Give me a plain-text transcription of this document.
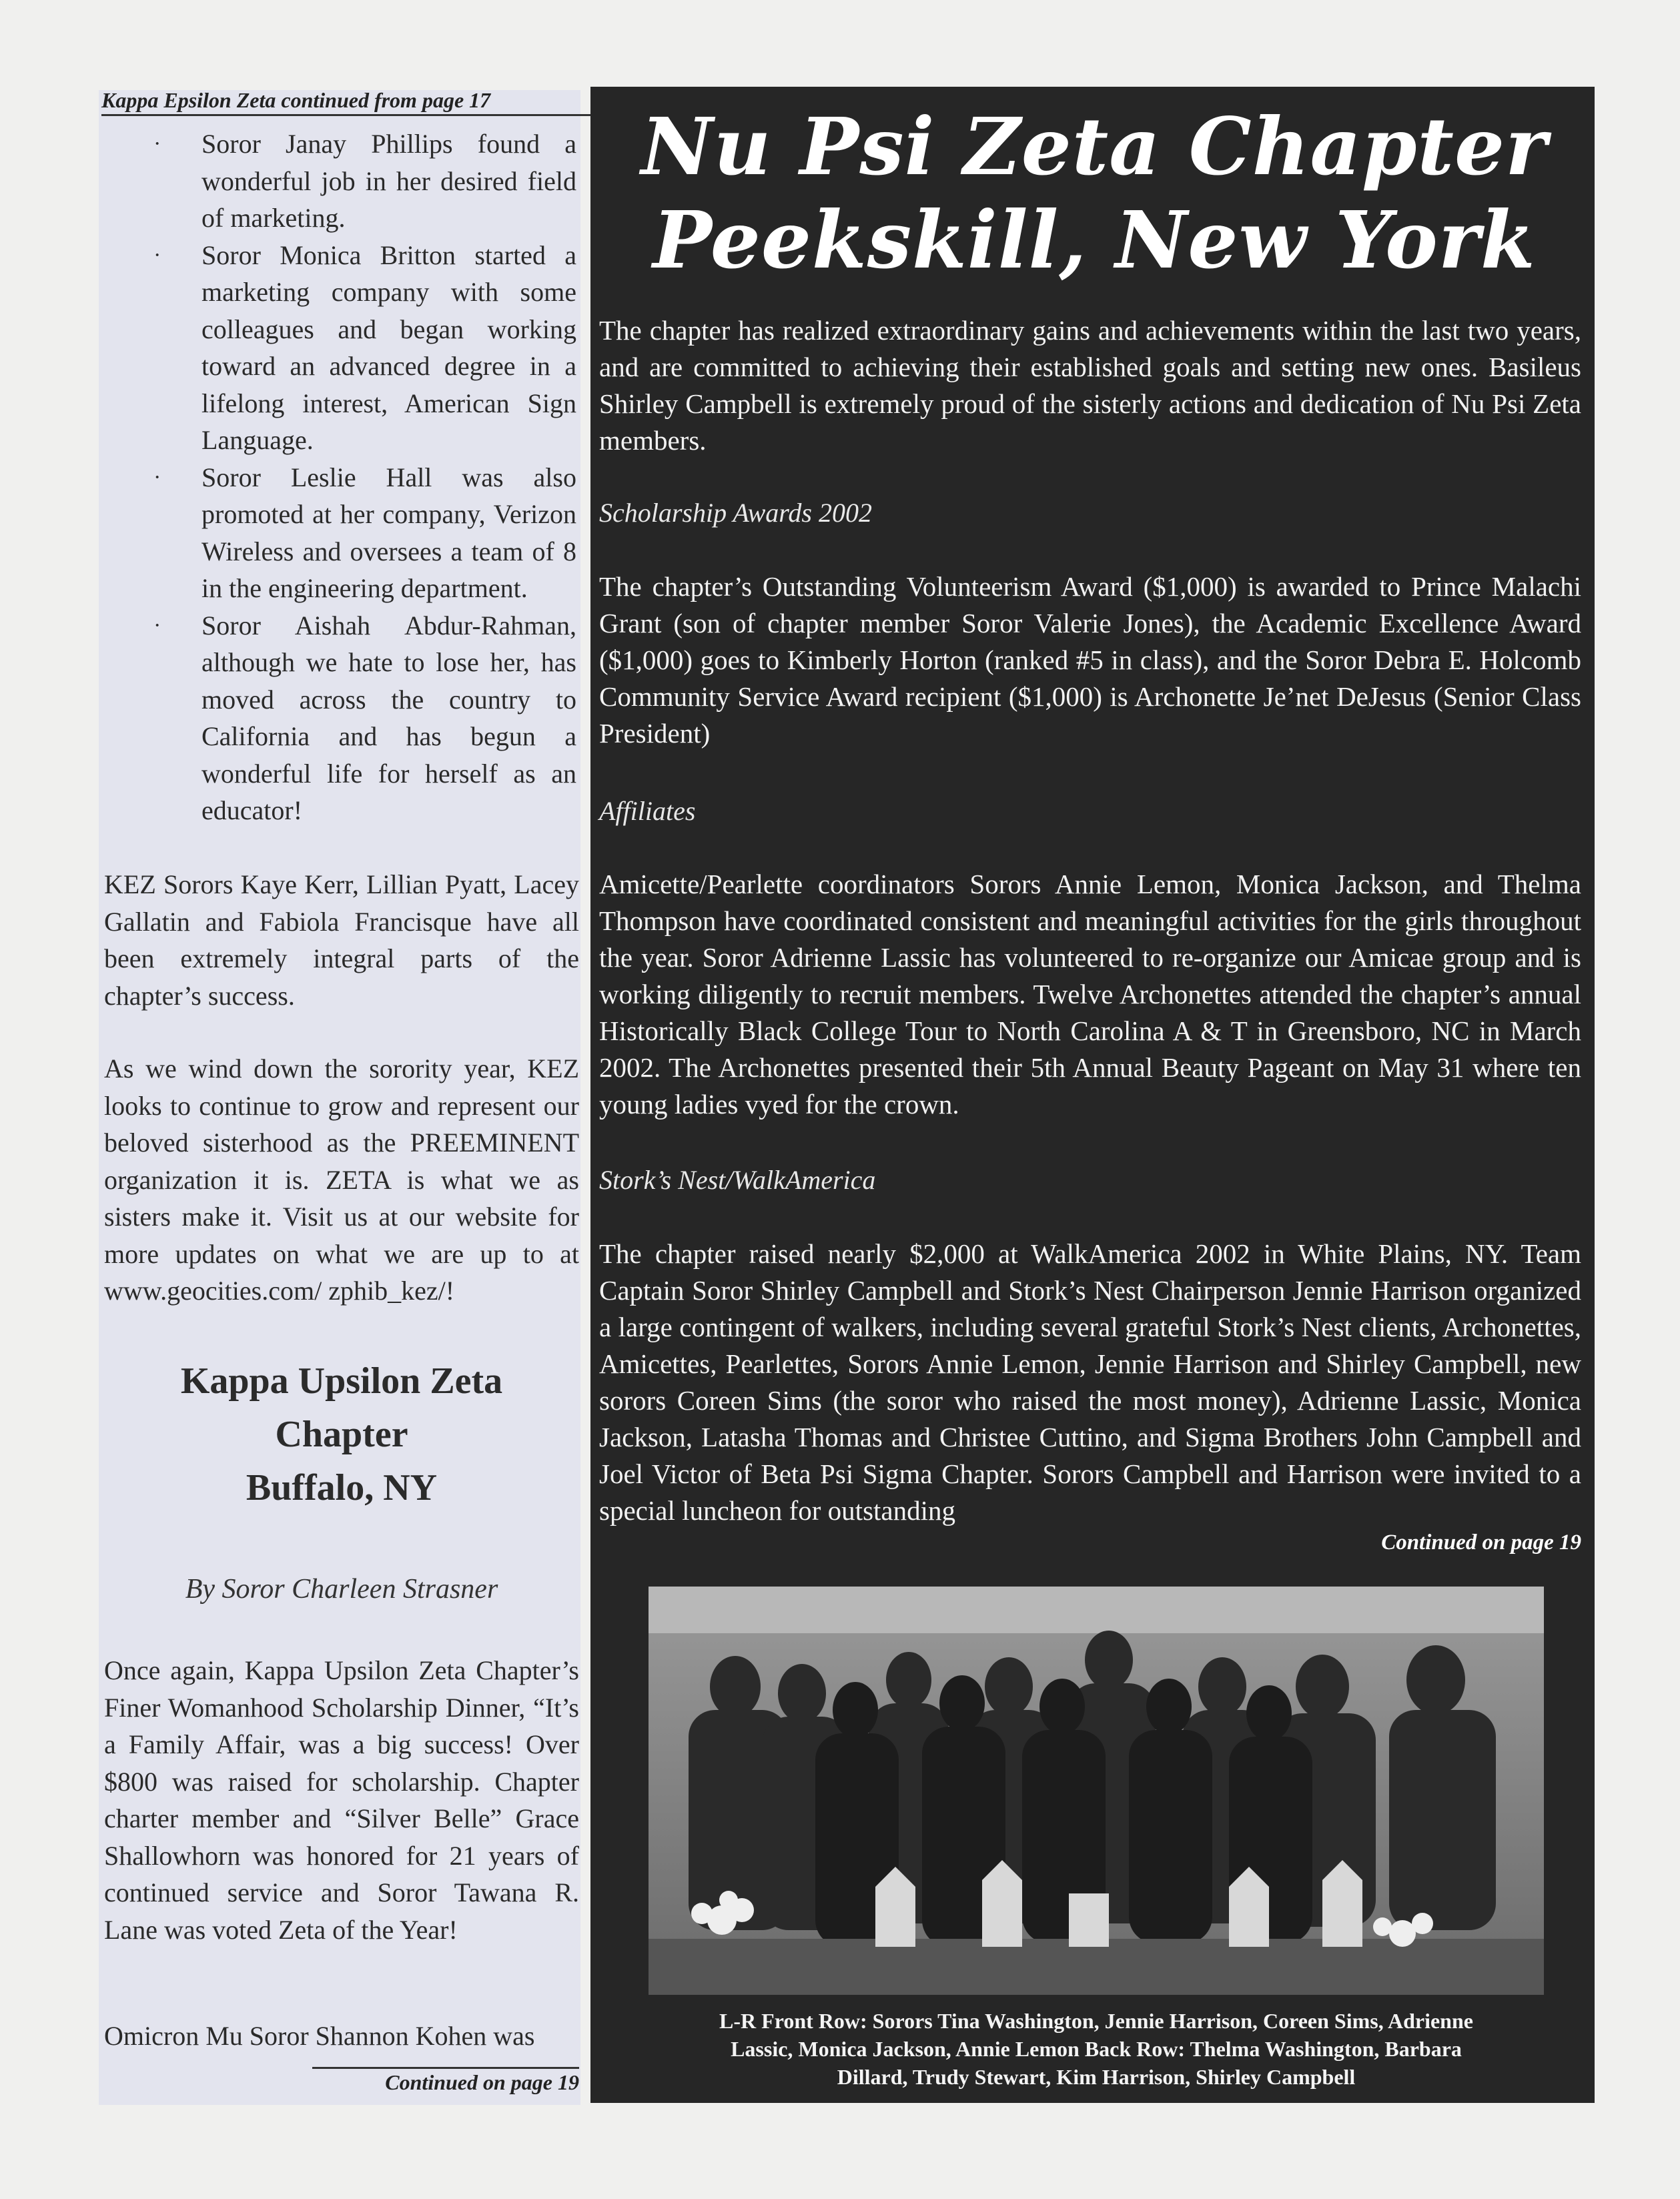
Kappa Epsilon Zeta continued from page 17
· Soror Janay Phillips found a wonderful job in her desired field of marketing.
· Soror Monica Britton started a marketing company with some colleagues and began working toward an advanced degree in a lifelong interest, American Sign Language.
· Soror Leslie Hall was also promoted at her company, Verizon Wireless and oversees a team of 8 in the engineering department.
· Soror Aishah Abdur-Rahman, although we hate to lose her, has moved across the country to California and has begun a wonderful life for herself as an educator!

KEZ Sorors Kaye Kerr, Lillian Pyatt, Lacey Gallatin and Fabiola Francisque have all been extremely integral parts of the chapter’s success.

As we wind down the sorority year, KEZ looks to continue to grow and represent our beloved sisterhood as the PREEMINENT organization it is. ZETA is what we as sisters make it. Visit us at our website for more updates on what we are up to at www.geocities.com/ zphib_kez/!

Kappa Upsilon Zeta
Chapter
Buffalo, NY
By Soror Charleen Strasner

Once again, Kappa Upsilon Zeta Chapter’s Finer Womanhood Scholarship Dinner, “It’s a Family Affair, was a big success! Over $800 was raised for scholarship. Chapter charter member and “Silver Belle” Grace Shallowhorn was honored for 21 years of continued service and Soror Tawana R. Lane was voted Zeta of the Year!

Omicron Mu Soror Shannon Kohen was

Continued on page 19
Nu Psi Zeta Chapter
Peekskill, New York

The chapter has realized extraordinary gains and achievements within the last two years, and are committed to achieving their established goals and setting new ones. Basileus Shirley Campbell is extremely proud of the sisterly actions and dedication of Nu Psi Zeta members.

Scholarship Awards 2002

The chapter’s Outstanding Volunteerism Award ($1,000) is awarded to Prince Malachi Grant (son of chapter member Soror Valerie Jones), the Academic Excellence Award ($1,000) goes to Kimberly Horton (ranked #5 in class), and the Soror Debra E. Holcomb Community Service Award recipient ($1,000) is Archonette Je’net DeJesus (Senior Class President)

Affiliates

Amicette/Pearlette coordinators Sorors Annie Lemon, Monica Jackson, and Thelma Thompson have coordinated consistent and meaningful activities for the girls throughout the year. Soror Adrienne Lassic has volunteered to re-organize our Amicae group and is working diligently to recruit members. Twelve Archonettes attended the chapter’s annual Historically Black College Tour to North Carolina A & T in Greensboro, NC in March 2002. The Archonettes presented their 5th Annual Beauty Pageant on May 31 where ten young ladies vyed for the crown.

Stork’s Nest/WalkAmerica

The chapter raised nearly $2,000 at WalkAmerica 2002 in White Plains, NY. Team Captain Soror Shirley Campbell and Stork’s Nest Chairperson Jennie Harrison organized a large contingent of walkers, including several grateful Stork’s Nest clients, Archonettes, Amicettes, Pearlettes, Sorors Annie Lemon, Jennie Harrison and Shirley Campbell, new sorors Coreen Sims (the soror who raised the most money), Adrienne Lassic, Monica Jackson, Latasha Thomas and Christee Cuttino, and Sigma Brothers John Campbell and Joel Victor of Beta Psi Sigma Chapter. Sorors Campbell and Harrison were invited to a special luncheon for outstanding

Continued on page 19
L-R Front Row: Sorors Tina Washington, Jennie Harrison, Coreen Sims, Adrienne
Lassic, Monica Jackson, Annie Lemon Back Row: Thelma Washington, Barbara
Dillard, Trudy Stewart, Kim Harrison, Shirley Campbell
